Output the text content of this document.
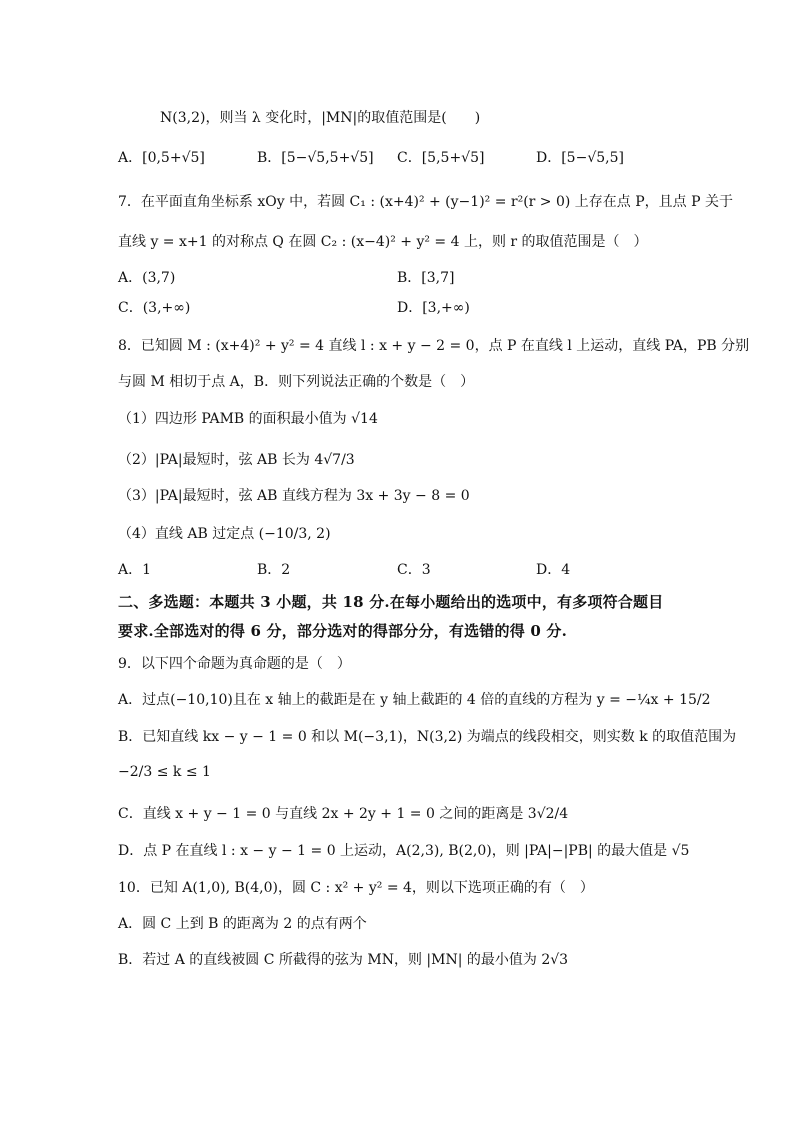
N(3,2)，则当 λ 变化时，|MN|的取值范围是(　　)
A．[0,5+√5]	B．[5−√5,5+√5] C．[5,5+√5]	D．[5−√5,5]
7．在平面直角坐标系 xOy 中，若圆 C₁ : (x+4)² + (y−1)² = r²(r > 0) 上存在点 P，且点 P 关于
直线 y = x+1 的对称点 Q 在圆 C₂ : (x−4)² + y² = 4 上，则 r 的取值范围是（　）
A．(3,7)	B．[3,7]
C．(3,+∞)	D．[3,+∞)
8．已知圆 M : (x+4)² + y² = 4 直线 l : x + y − 2 = 0，点 P 在直线 l 上运动，直线 PA，PB 分别
与圆 M 相切于点 A，B．则下列说法正确的个数是（　）
（1）四边形 PAMB 的面积最小值为 √14
（2）|PA|最短时，弦 AB 长为 4√7/3
（3）|PA|最短时，弦 AB 直线方程为 3x + 3y − 8 = 0
（4）直线 AB 过定点 (−10/3, 2)
A．1	B．2	C．3	D．4
二、多选题：本题共 3 小题，共 18 分.在每小题给出的选项中，有多项符合题目
要求.全部选对的得 6 分，部分选对的得部分分，有选错的得 0 分.
9．以下四个命题为真命题的是（　）
A．过点(−10,10)且在 x 轴上的截距是在 y 轴上截距的 4 倍的直线的方程为 y = −¼x + 15/2
B．已知直线 kx − y − 1 = 0 和以 M(−3,1)，N(3,2) 为端点的线段相交，则实数 k 的取值范围为
−2/3 ≤ k ≤ 1
C．直线 x + y − 1 = 0 与直线 2x + 2y + 1 = 0 之间的距离是 3√2/4
D．点 P 在直线 l : x − y − 1 = 0 上运动，A(2,3), B(2,0)，则 |PA|−|PB| 的最大值是 √5
10．已知 A(1,0), B(4,0)，圆 C : x² + y² = 4，则以下选项正确的有（　）
A．圆 C 上到 B 的距离为 2 的点有两个
B．若过 A 的直线被圆 C 所截得的弦为 MN，则 |MN| 的最小值为 2√3
